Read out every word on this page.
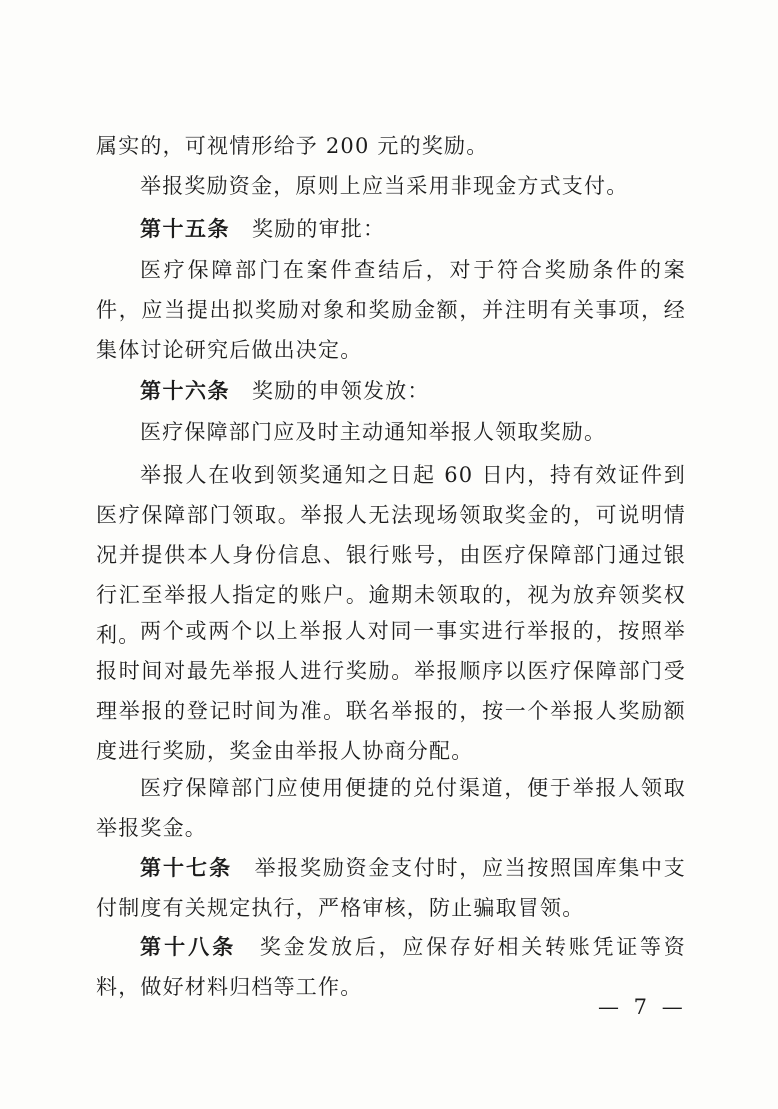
属实的，可视情形给予 200 元的奖励。

举报奖励资金，原则上应当采用非现金方式支付。

第十五条 奖励的审批：

医疗保障部门在案件查结后，对于符合奖励条件的案件，应当提出拟奖励对象和奖励金额，并注明有关事项，经集体讨论研究后做出决定。

第十六条 奖励的申领发放：

医疗保障部门应及时主动通知举报人领取奖励。

举报人在收到领奖通知之日起 60 日内，持有效证件到医疗保障部门领取。举报人无法现场领取奖金的，可说明情况并提供本人身份信息、银行账号，由医疗保障部门通过银行汇至举报人指定的账户。逾期未领取的，视为放弃领奖权利。 两个或两个以上举报人对同一事实进行举报的，按照举报时间对最先举报人进行奖励。举报顺序以医疗保障部门受理举报的登记时间为准。联名举报的，按一个举报人奖励额度进行奖励，奖金由举报人协商分配。

医疗保障部门应使用便捷的兑付渠道，便于举报人领取举报奖金。

第十七条 举报奖励资金支付时，应当按照国库集中支付制度有关规定执行，严格审核，防止骗取冒领。

第十八条 奖金发放后，应保存好相关转账凭证等资料，做好材料归档等工作。

— 7 —
